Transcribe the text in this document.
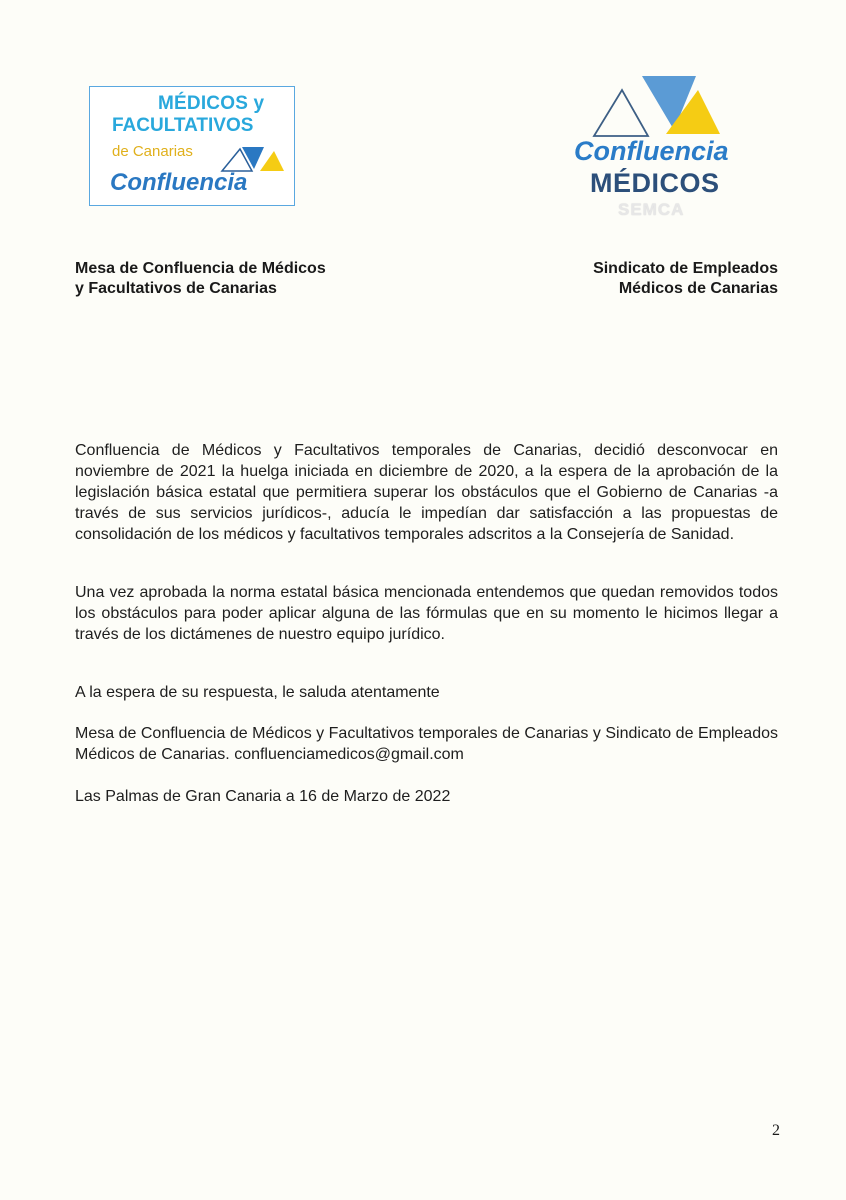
MÉDICOS y
FACULTATIVOS
de Canarias
Confluencia
Confluencia
MÉDICOS
SEMCA
Mesa de Confluencia de Médicos
y Facultativos de Canarias
Sindicato de Empleados
Médicos de Canarias
Confluencia de Médicos y Facultativos temporales de Canarias, decidió desconvocar en noviembre de 2021 la huelga iniciada en diciembre de 2020, a la espera de la aprobación de la legislación básica estatal que permitiera superar los obstáculos que el Gobierno de Canarias -a través de sus servicios jurídicos-, aducía le impedían dar satisfacción a las propuestas de consolidación de los médicos y facultativos temporales adscritos a la Consejería de Sanidad.
Una vez aprobada la norma estatal básica mencionada entendemos que quedan removidos todos los obstáculos para poder aplicar alguna de las fórmulas que en su momento le hicimos llegar a través de los dictámenes de nuestro equipo jurídico.
A la espera de su respuesta, le saluda atentamente
Mesa de Confluencia de Médicos y Facultativos temporales de Canarias y Sindicato de Empleados Médicos de Canarias. confluenciamedicos@gmail.com
Las Palmas de Gran Canaria a 16 de Marzo de 2022
2
